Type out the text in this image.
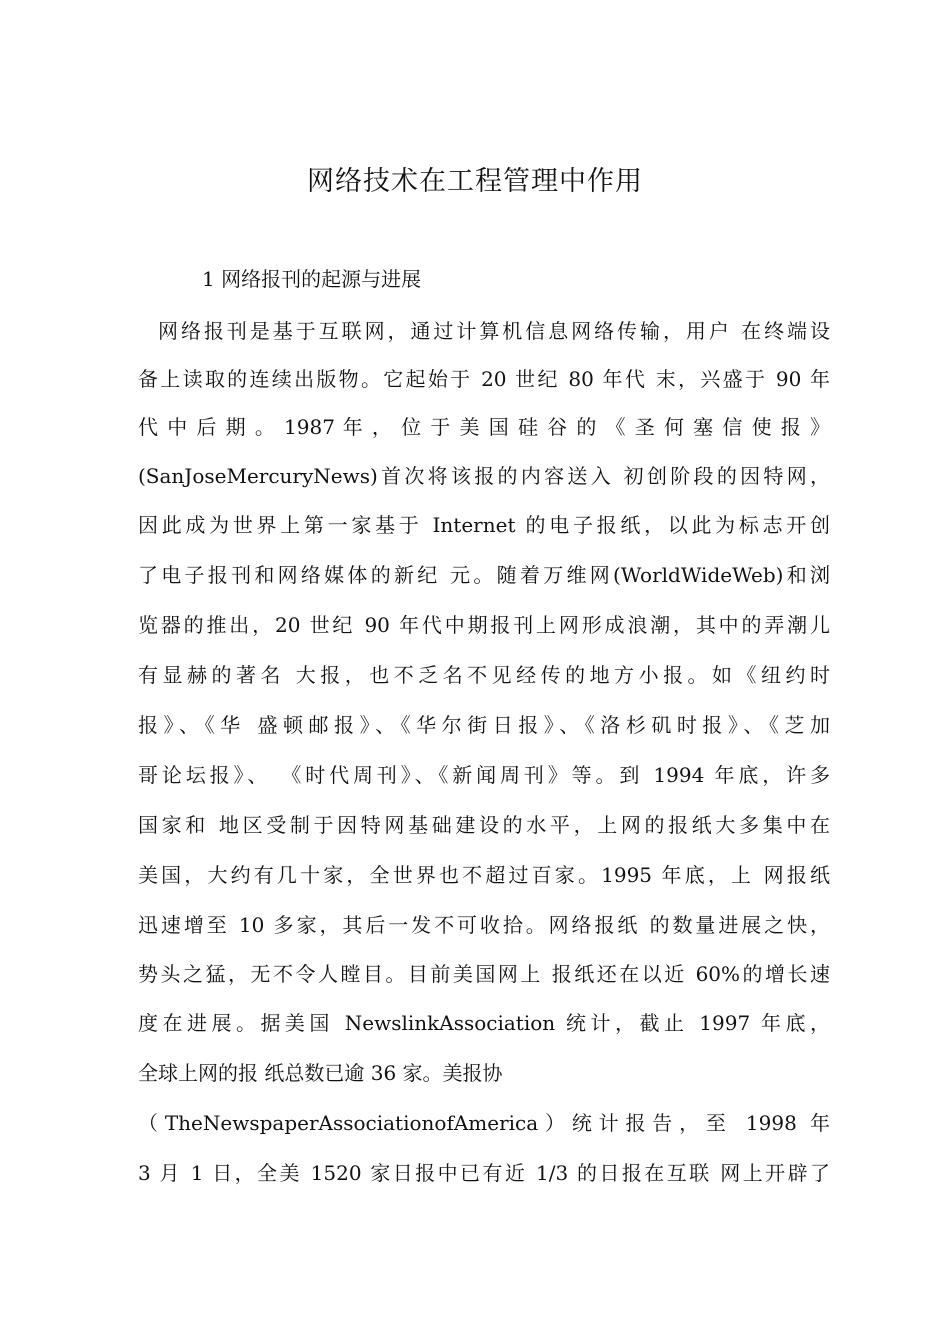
网络技术在工程管理中作用
1 网络报刊的起源与进展
网络报刊是基于互联网，通过计算机信息网络传输，用户 在终端设
备上读取的连续出版物。它起始于 20 世纪 80 年代 末，兴盛于 90 年
代 中 后 期 。 1987 年 ， 位 于 美 国 硅 谷 的 《 圣 何 塞 信 使 报 》
(SanJoseMercuryNews)首次将该报的内容送入 初创阶段的因特网，
因此成为世界上第一家基于 Internet 的电子报纸，以此为标志开创
了电子报刊和网络媒体的新纪 元。随着万维网(WorldWideWeb)和浏
览器的推出，20 世纪 90 年代中期报刊上网形成浪潮，其中的弄潮儿
有显赫的著名 大报，也不乏名不见经传的地方小报。如《纽约时
报》、《华 盛顿邮报》、《华尔街日报》、《洛杉矶时报》、《芝加
哥论坛报》、 《时代周刊》、《新闻周刊》等。到 1994 年底，许多
国家和 地区受制于因特网基础建设的水平，上网的报纸大多集中在
美国，大约有几十家，全世界也不超过百家。1995 年底，上 网报纸
迅速增至 10 多家，其后一发不可收拾。网络报纸 的数量进展之快，
势头之猛，无不令人瞠目。目前美国网上 报纸还在以近 60%的增长速
度在进展。据美国 NewslinkAssociation 统计，截止 1997 年底，
全球上网的报 纸总数已逾 36 家。美报协
（TheNewspaperAssociationofAmerica）统计报告，至 1998 年
3 月 1 日，全美 1520 家日报中已有近 1/3 的日报在互联 网上开辟了
